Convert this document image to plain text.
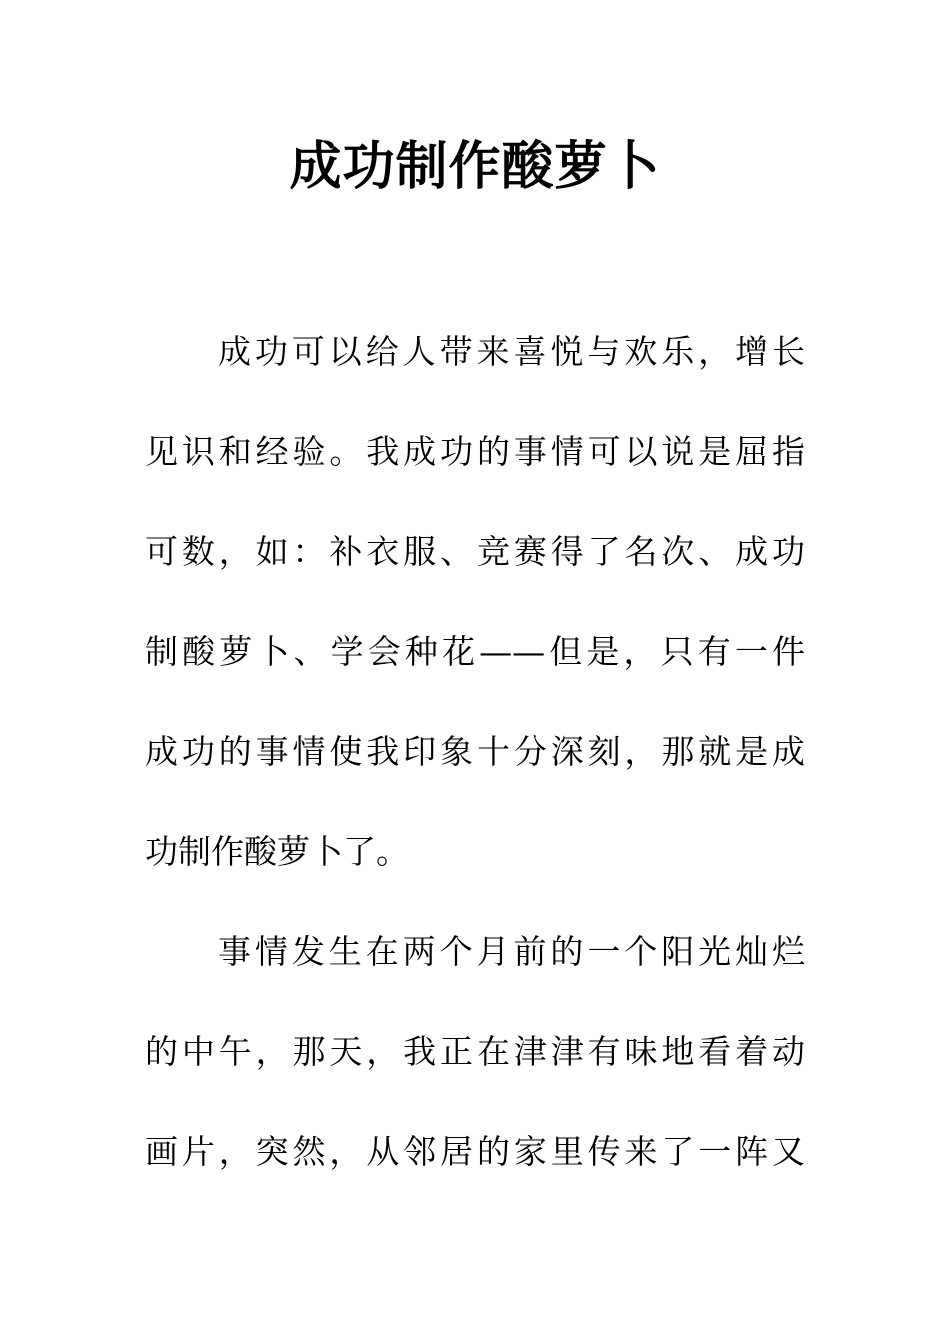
成功制作酸萝卜
成功可以给人带来喜悦与欢乐，增长
见识和经验。我成功的事情可以说是屈指
可数，如：补衣服、竞赛得了名次、成功
制酸萝卜、学会种花——但是，只有一件
成功的事情使我印象十分深刻，那就是成
功制作酸萝卜了。
事情发生在两个月前的一个阳光灿烂
的中午，那天，我正在津津有味地看着动
画片，突然，从邻居的家里传来了一阵又
